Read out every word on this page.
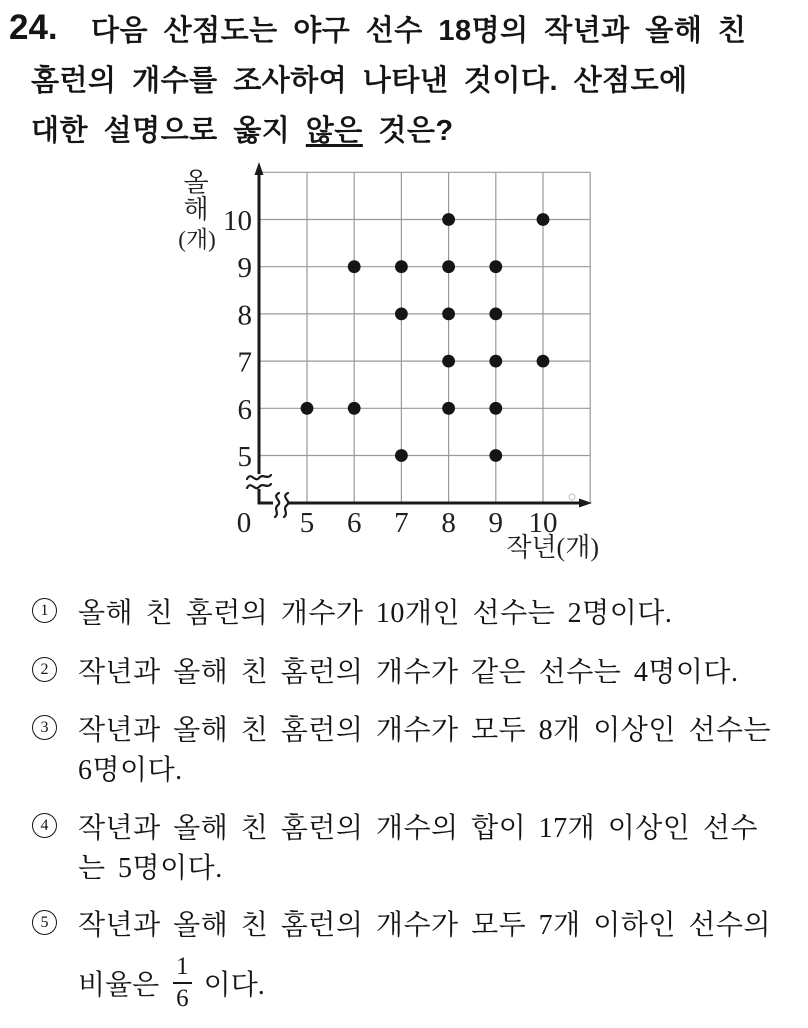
24. 다음 산점도는 야구 선수 18명의 작년과 올해 친
홈런의 개수를 조사하여 나타낸 것이다. 산점도에
대한 설명으로 옳지 않은 것은?
5
6
7
8
9
10
5 6 7 8 9 10
0
올
해
(개)
작년(개)
1	올해 친 홈런의 개수가 10개인 선수는 2명이다.
2	작년과 올해 친 홈런의 개수가 같은 선수는 4명이다.
3	작년과 올해 친 홈런의 개수가 모두 8개 이상인 선수는
6명이다.
4	작년과 올해 친 홈런의 개수의 합이 17개 이상인 선수
는 5명이다.
5	작년과 올해 친 홈런의 개수가 모두 7개 이하인 선수의
비율은 $\frac{1}{6}$ 이다.
